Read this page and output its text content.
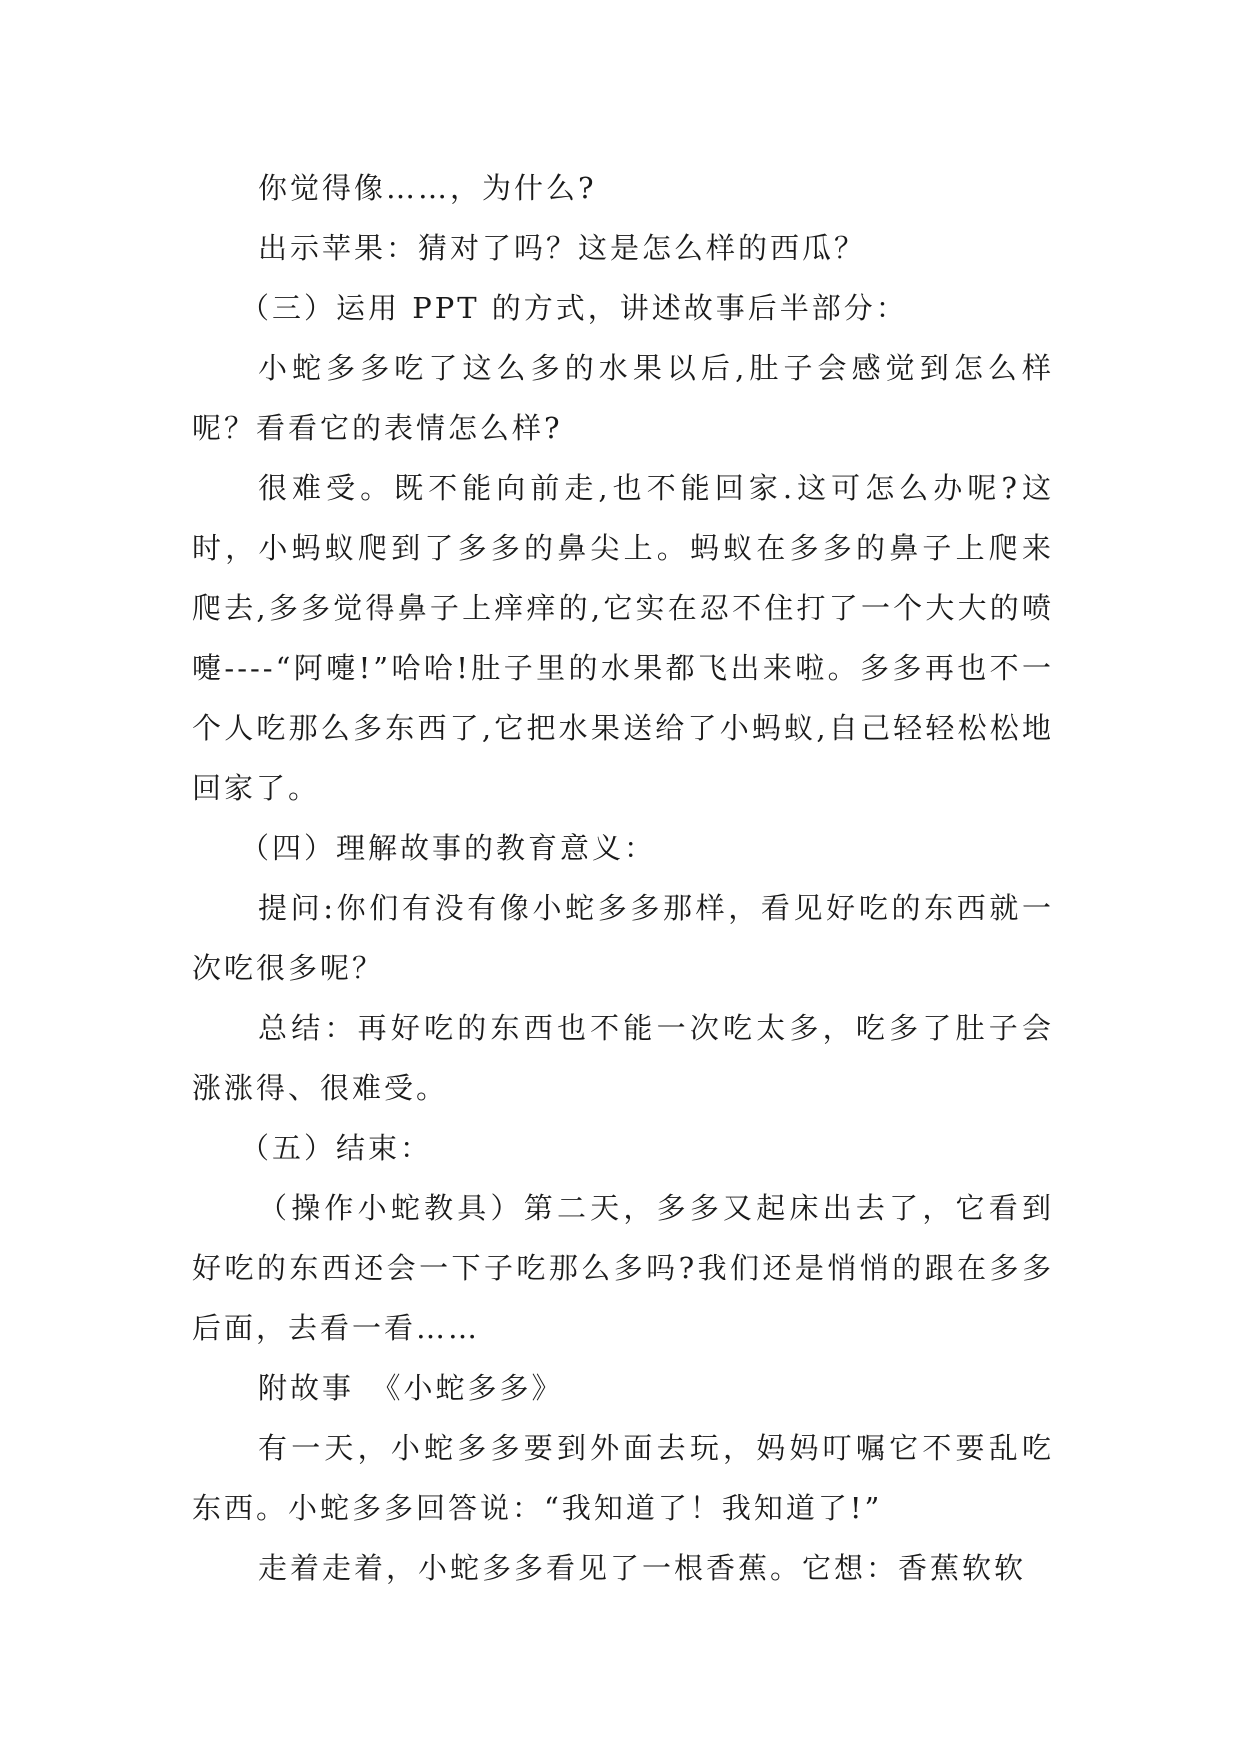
你觉得像……，为什么?

出示苹果：猜对了吗？这是怎么样的西瓜？

（三）运用 PPT 的方式，讲述故事后半部分：

小蛇多多吃了这么多的水果以后,肚子会感觉到怎么样呢？看看它的表情怎么样?

很难受。既不能向前走,也不能回家.这可怎么办呢?这时，小蚂蚁爬到了多多的鼻尖上。蚂蚁在多多的鼻子上爬来爬去,多多觉得鼻子上痒痒的,它实在忍不住打了一个大大的喷嚏----“阿嚏!”哈哈!肚子里的水果都飞出来啦。多多再也不一个人吃那么多东西了,它把水果送给了小蚂蚁,自己轻轻松松地回家了。

（四）理解故事的教育意义：

提问:你们有没有像小蛇多多那样，看见好吃的东西就一次吃很多呢？

总结：再好吃的东西也不能一次吃太多，吃多了肚子会涨涨得、很难受。

（五）结束：

（操作小蛇教具）第二天，多多又起床出去了，它看到好吃的东西还会一下子吃那么多吗?我们还是悄悄的跟在多多后面，去看一看……

附故事　《小蛇多多》

有一天，小蛇多多要到外面去玩，妈妈叮嘱它不要乱吃东西。小蛇多多回答说：“我知道了！我知道了!”

走着走着，小蛇多多看见了一根香蕉。它想：香蕉软软
